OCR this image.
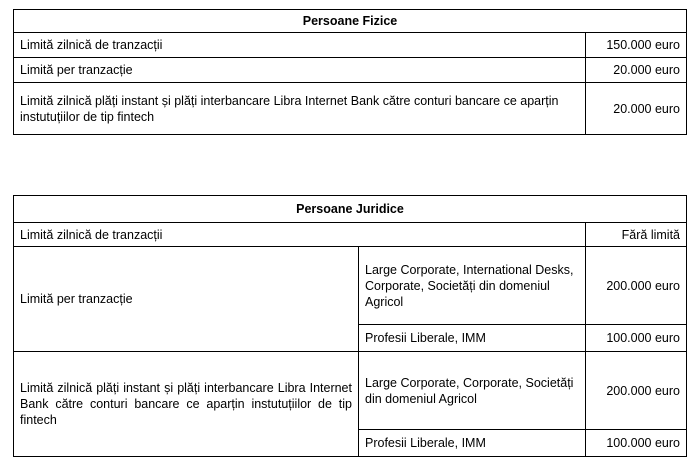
Persoane Fizice	
Limită zilnică de tranzacții	150.000 euro
Limită per tranzacție	20.000 euro
Limită zilnică plăți instant și plăți interbancare Libra Internet Bank către conturi bancare ce aparțin instutuțiilor de tip fintech	20.000 euro
Persoane Juridice		
Limită zilnică de tranzacții		Fără limită
Limită per tranzacție	Large Corporate, International Desks, Corporate, Societăți din domeniul Agricol	200.000 euro
	Profesii Liberale, IMM	100.000 euro
Limită zilnică plăți instant și plăți interbancare Libra Internet Bank către conturi bancare ce aparțin instutuțiilor de tip fintech	Large Corporate, Corporate, Societăți din domeniul Agricol	200.000 euro
	Profesii Liberale, IMM	100.000 euro
